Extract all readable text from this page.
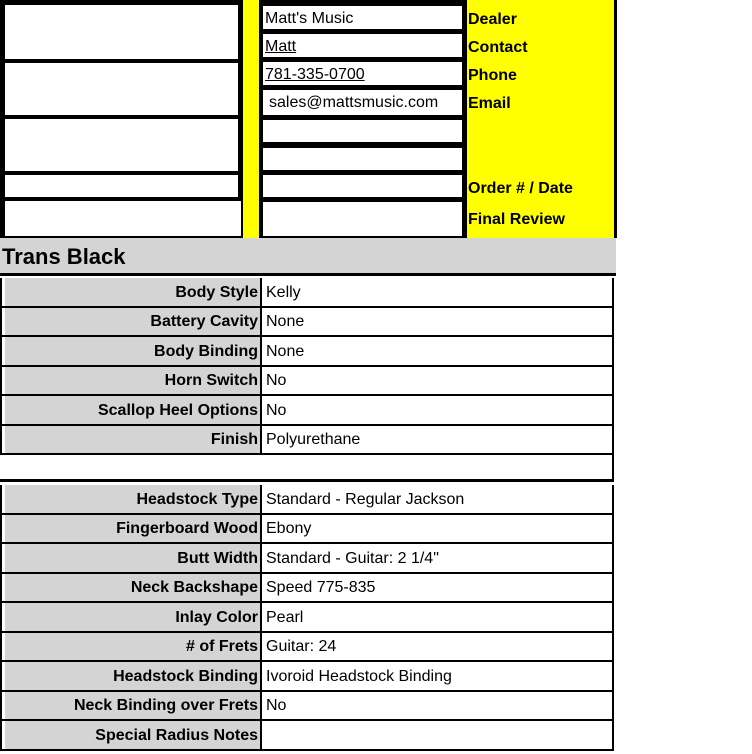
Matt's Music
Matt
781-335-0700
sales@mattsmusic.com
Dealer
Contact
Phone
Email
Order # / Date
Final Review
Trans Black
Body Style Kelly
Battery Cavity None
Body Binding None
Horn Switch No
Scallop Heel Options No
Finish Polyurethane
Headstock Type Standard - Regular Jackson
Fingerboard Wood Ebony
Butt Width Standard - Guitar: 2 1/4"
Neck Backshape Speed 775-835
Inlay Color Pearl
# of Frets Guitar: 24
Headstock Binding Ivoroid Headstock Binding
Neck Binding over Frets No
Special Radius Notes
